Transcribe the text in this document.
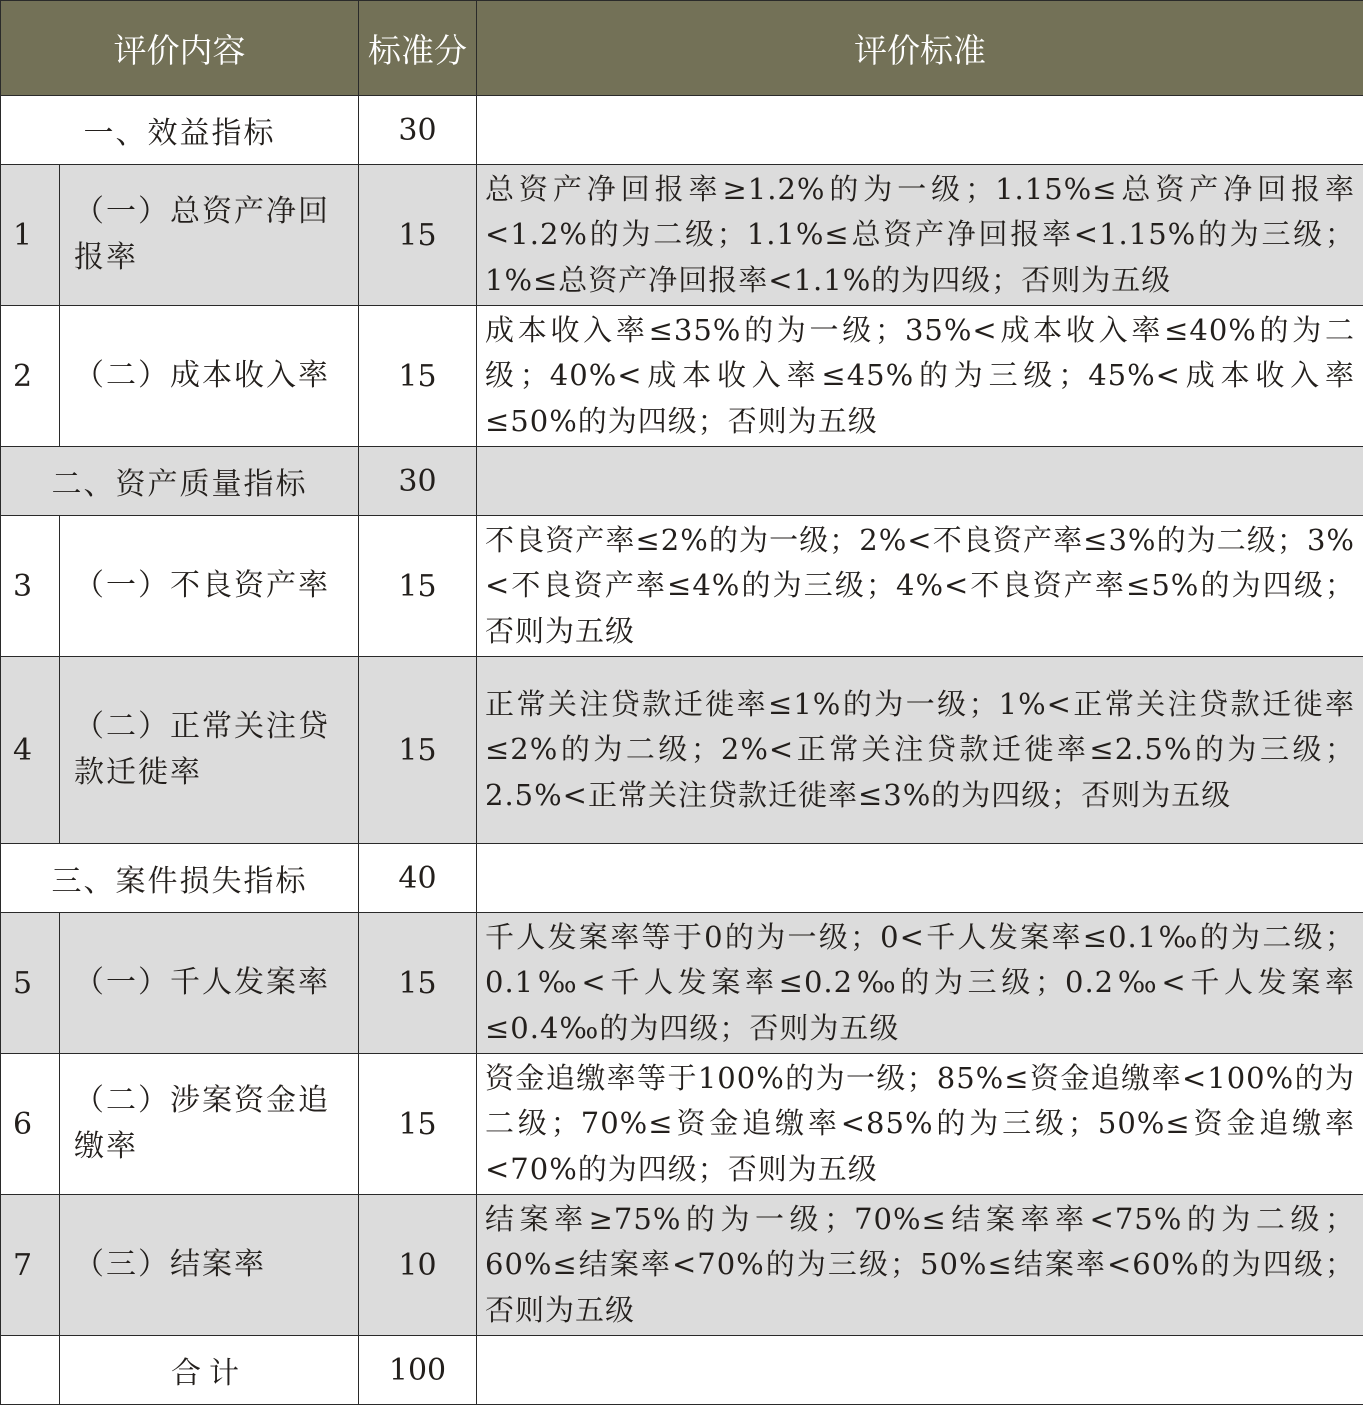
评价内容		标准分	评价标准
一、效益指标		30	
1	（一）总资产净回报率	15	总资产净回报率≥1.2%的为一级；1.15%≤总资产净回报率<1.2%的为二级；1.1%≤总资产净回报率<1.15%的为三级；1%≤总资产净回报率<1.1%的为四级；否则为五级
2	（二）成本收入率	15	成本收入率≤35%的为一级；35%<成本收入率≤40%的为二级；40%<成本收入率≤45%的为三级；45%<成本收入率≤50%的为四级；否则为五级
二、资产质量指标		30	
3	（一）不良资产率	15	不良资产率≤2%的为一级；2%<不良资产率≤3%的为二级；3%<不良资产率≤4%的为三级；4%<不良资产率≤5%的为四级；否则为五级
4	（二）正常关注贷款迁徙率	15	正常关注贷款迁徙率≤1%的为一级；1%<正常关注贷款迁徙率≤2%的为二级；2%<正常关注贷款迁徙率≤2.5%的为三级；2.5%<正常关注贷款迁徙率≤3%的为四级；否则为五级
三、案件损失指标		40	
5	（一）千人发案率	15	千人发案率等于0的为一级；0<千人发案率≤0.1‰的为二级；0.1‰<千人发案率≤0.2‰的为三级；0.2‰<千人发案率≤0.4‰的为四级；否则为五级
6	（二）涉案资金追缴率	15	资金追缴率等于100%的为一级；85%≤资金追缴率<100%的为二级；70%≤资金追缴率<85%的为三级；50%≤资金追缴率<70%的为四级；否则为五级
7	（三）结案率	10	结案率≥75%的为一级；70%≤结案率率<75%的为二级；60%≤结案率<70%的为三级；50%≤结案率<60%的为四级；否则为五级
	合计	100	
